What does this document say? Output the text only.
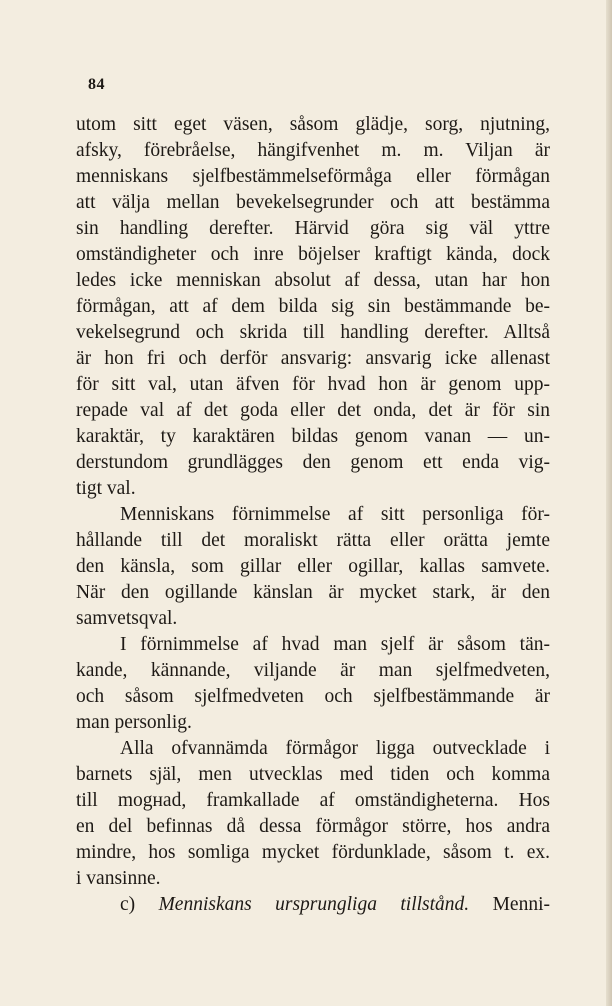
84
utom sitt eget väsen, såsom glädje, sorg, njutning,
afsky, förebråelse, hängifvenhet m. m. Viljan är
menniskans sjelfbestämmelseförmåga eller förmågan
att välja mellan bevekelsegrunder och att bestämma
sin handling derefter. Härvid göra sig väl yttre
omständigheter och inre böjelser kraftigt kända, dock
ledes icke menniskan absolut af dessa, utan har hon
förmågan, att af dem bilda sig sin bestämmande be-
vekelsegrund och skrida till handling derefter. Alltså
är hon fri och derför ansvarig: ansvarig icke allenast
för sitt val, utan äfven för hvad hon är genom upp-
repade val af det goda eller det onda, det är för sin
karaktär, ty karaktären bildas genom vanan — un-
derstundom grundlägges den genom ett enda vig-
tigt val.
Menniskans förnimmelse af sitt personliga för-
hållande till det moraliskt rätta eller orätta jemte
den känsla, som gillar eller ogillar, kallas samvete.
När den ogillande känslan är mycket stark, är den
samvetsqval.
I förnimmelse af hvad man sjelf är såsom tän-
kande, kännande, viljande är man sjelfmedveten,
och såsom sjelfmedveten och sjelfbestämmande är
man personlig.
Alla ofvannämda förmågor ligga outvecklade i
barnets själ, men utvecklas med tiden och komma
till mogнad, framkallade af omständigheterna. Hos
en del befinnas då dessa förmågor större, hos andra
mindre, hos somliga mycket fördunklade, såsom t. ex.
i vansinne.
c) Menniskans ursprungliga tillstånd. Menni-
